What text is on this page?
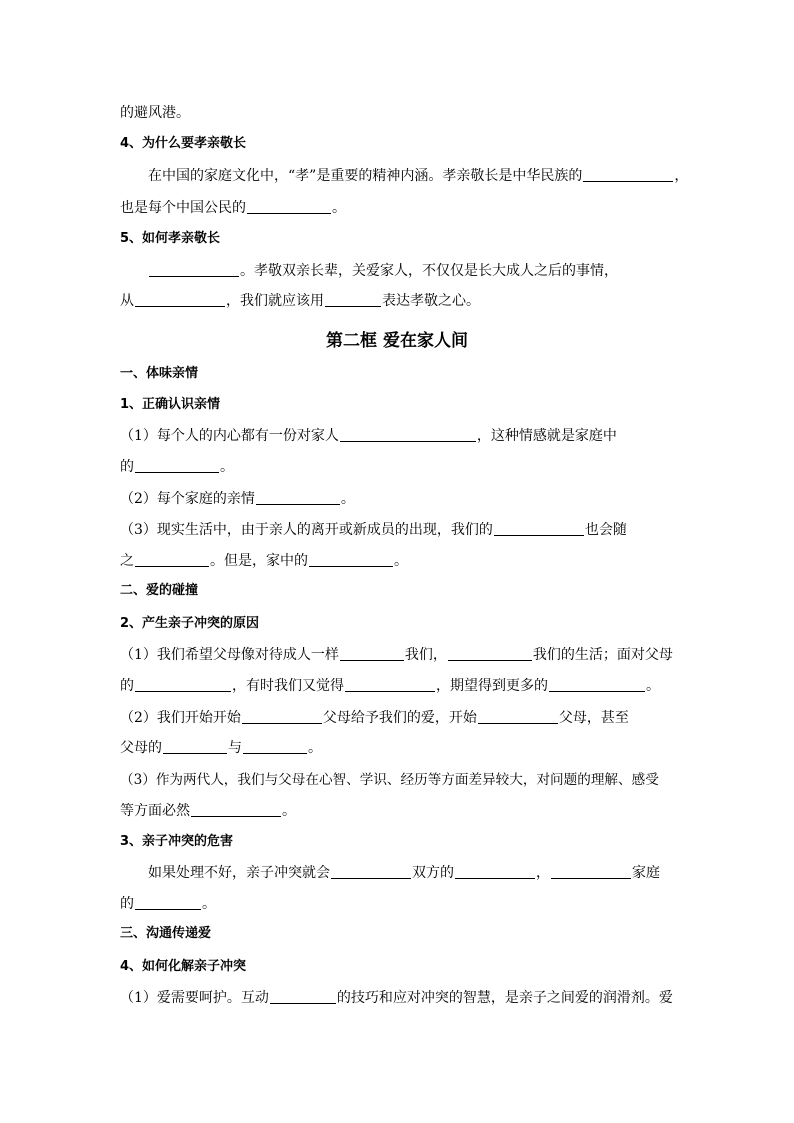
的避风港。
4、为什么要孝亲敬长
在中国的家庭文化中，“孝”是重要的精神内涵。孝亲敬长是中华民族的	，
也是每个中国公民的	。
5、如何孝亲敬长
。孝敬双亲长辈，关爱家人，不仅仅是长大成人之后的事情，
从	，我们就应该用	表达孝敬之心。
第二框 爱在家人间
一、体味亲情
1、正确认识亲情
（1）每个人的内心都有一份对家人	，这种情感就是家庭中
的	。
（2）每个家庭的亲情	。
（3）现实生活中，由于亲人的离开或新成员的出现，我们的	也会随
之	。但是，家中的	。
二、爱的碰撞
2、产生亲子冲突的原因
（1）我们希望父母像对待成人一样	我们，	我们的生活；面对父母
的	，有时我们又觉得	，期望得到更多的	。
（2）我们开始开始	父母给予我们的爱，开始	父母，甚至
父母的	与	。
（3）作为两代人，我们与父母在心智、学识、经历等方面差异较大，对问题的理解、感受
等方面必然	。
3、亲子冲突的危害
如果处理不好，亲子冲突就会	双方的	，	家庭
的	。
三、沟通传递爱
4、如何化解亲子冲突
（1）爱需要呵护。互动	的技巧和应对冲突的智慧，是亲子之间爱的润滑剂。爱
